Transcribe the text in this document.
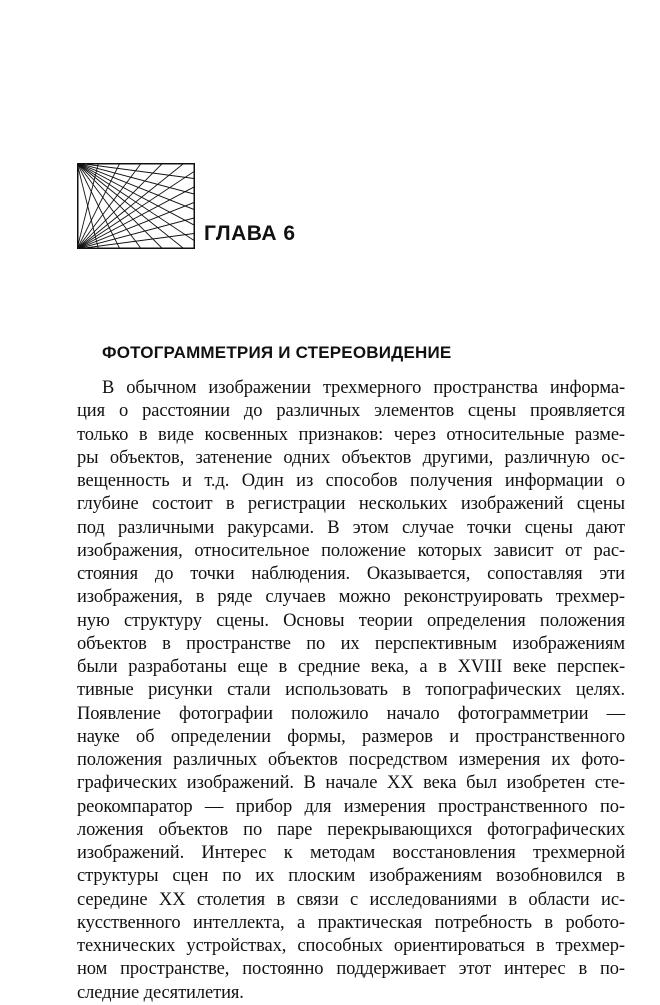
ГЛАВА 6
ФОТОГРАММЕТРИЯ И СТЕРЕОВИДЕНИЕ
В обычном изображении трехмерного пространства информа-
ция о расстоянии до различных элементов сцены проявляется
только в виде косвенных признаков: через относительные разме-
ры объектов, затенение одних объектов другими, различную ос-
вещенность и т.д. Один из способов получения информации о
глубине состоит в регистрации нескольких изображений сцены
под различными ракурсами. В этом случае точки сцены дают
изображения, относительное положение которых зависит от рас-
стояния до точки наблюдения. Оказывается, сопоставляя эти
изображения, в ряде случаев можно реконструировать трехмер-
ную структуру сцены. Основы теории определения положения
объектов в пространстве по их перспективным изображениям
были разработаны еще в средние века, а в XVIII веке перспек-
тивные рисунки стали использовать в топографических целях.
Появление фотографии положило начало фотограмметрии —
науке об определении формы, размеров и пространственного
положения различных объектов посредством измерения их фото-
графических изображений. В начале XX века был изобретен сте-
реокомпаратор — прибор для измерения пространственного по-
ложения объектов по паре перекрывающихся фотографических
изображений. Интерес к методам восстановления трехмерной
структуры сцен по их плоским изображениям возобновился в
середине XX столетия в связи с исследованиями в области ис-
кусственного интеллекта, а практическая потребность в робото-
технических устройствах, способных ориентироваться в трехмер-
ном пространстве, постоянно поддерживает этот интерес в по-
следние десятилетия.
